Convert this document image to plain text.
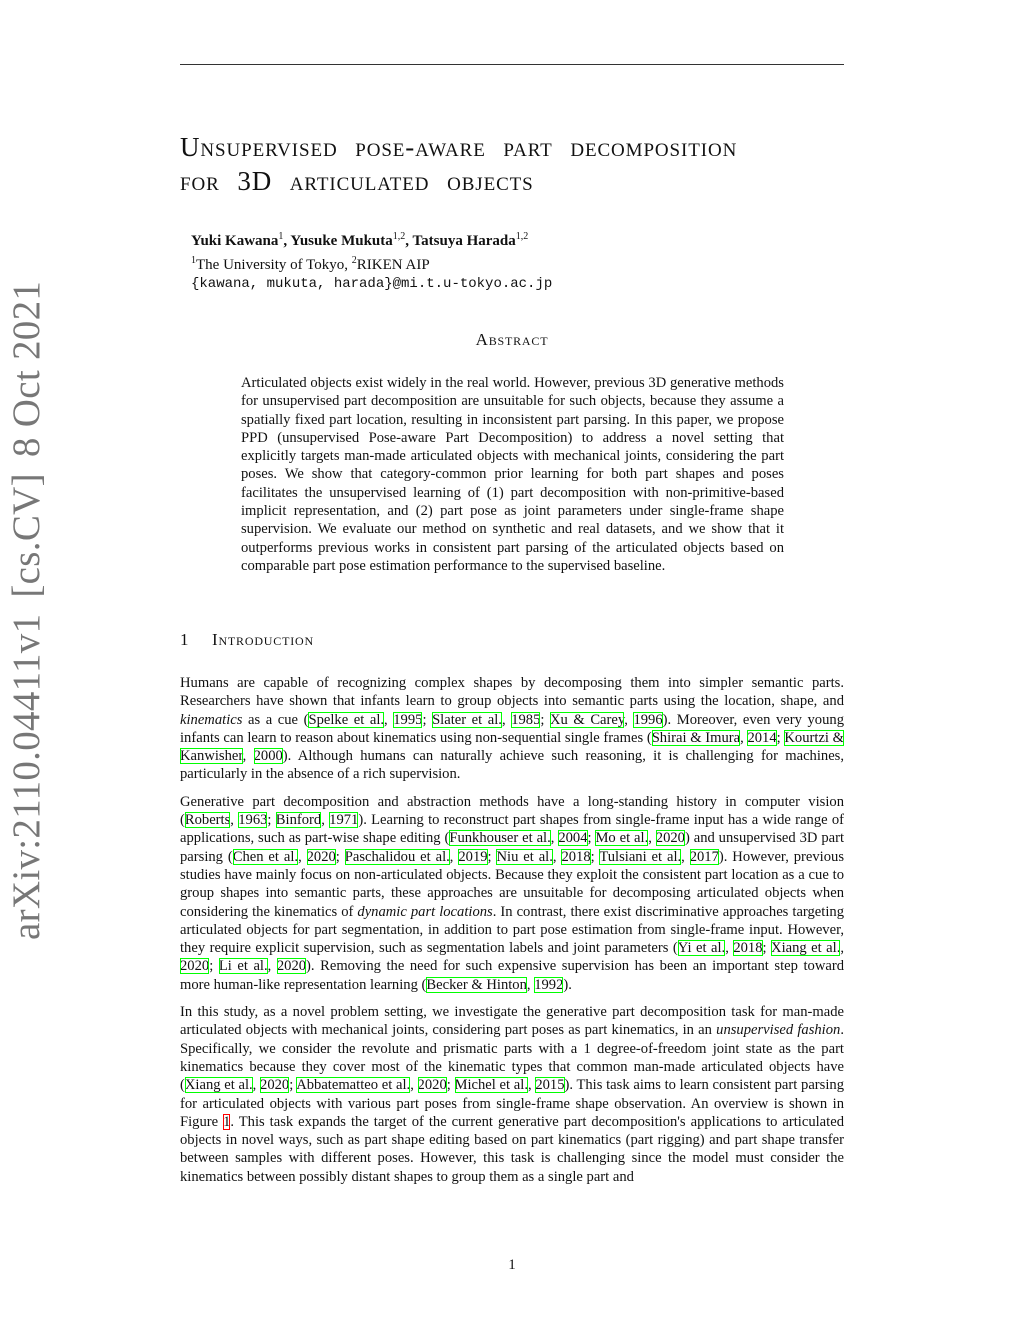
arXiv:2110.04411v1[cs.CV]8 Oct 2021
Unsupervised pose-aware part decomposition
for 3D articulated objects
Yuki Kawana$^1$, Yusuke Mukuta$^{1,2}$, Tatsuya Harada$^{1,2}$
$^1$The University of Tokyo, $^2$RIKEN AIP
{kawana, mukuta, harada}@mi.t.u-tokyo.ac.jp
Abstract
Articulated objects exist widely in the real world. However, previous 3D generative methods for unsupervised part decomposition are unsuitable for such objects, because they assume a spatially fixed part location, resulting in inconsistent part parsing. In this paper, we propose PPD (unsupervised Pose-aware Part Decomposition) to address a novel setting that explicitly targets man-made articulated objects with mechanical joints, considering the part poses. We show that category-common prior learning for both part shapes and poses facilitates the unsupervised learning of (1) part decomposition with non-primitive-based implicit representation, and (2) part pose as joint parameters under single-frame shape supervision. We evaluate our method on synthetic and real datasets, and we show that it outperforms previous works in consistent part parsing of the articulated objects based on comparable part pose estimation performance to the supervised baseline.
1 Introduction

Humans are capable of recognizing complex shapes by decomposing them into simpler semantic parts. Researchers have shown that infants learn to group objects into semantic parts using the location, shape, and kinematics as a cue (Spelke et al., 1995; Slater et al., 1985; Xu & Carey, 1996). Moreover, even very young infants can learn to reason about kinematics using non-sequential single frames (Shirai & Imura, 2014; Kourtzi & Kanwisher, 2000). Although humans can naturally achieve such reasoning, it is challenging for machines, particularly in the absence of a rich supervision.

Generative part decomposition and abstraction methods have a long-standing history in computer vision (Roberts, 1963; Binford, 1971). Learning to reconstruct part shapes from single-frame input has a wide range of applications, such as part-wise shape editing (Funkhouser et al., 2004; Mo et al., 2020) and unsupervised 3D part parsing (Chen et al., 2020; Paschalidou et al., 2019; Niu et al., 2018; Tulsiani et al., 2017). However, previous studies have mainly focus on non-articulated objects. Because they exploit the consistent part location as a cue to group shapes into semantic parts, these approaches are unsuitable for decomposing articulated objects when considering the kinematics of dynamic part locations. In contrast, there exist discriminative approaches targeting articulated objects for part segmentation, in addition to part pose estimation from single-frame input. However, they require explicit supervision, such as segmentation labels and joint parameters (Yi et al., 2018; Xiang et al., 2020; Li et al., 2020). Removing the need for such expensive supervision has been an important step toward more human-like representation learning (Becker & Hinton, 1992).

In this study, as a novel problem setting, we investigate the generative part decomposition task for man-made articulated objects with mechanical joints, considering part poses as part kinematics, in an unsupervised fashion. Specifically, we consider the revolute and prismatic parts with a 1 degree-of-freedom joint state as the part kinematics because they cover most of the kinematic types that common man-made articulated objects have (Xiang et al., 2020; Abbatematteo et al., 2020; Michel et al., 2015). This task aims to learn consistent part parsing for articulated objects with various part poses from single-frame shape observation. An overview is shown in Figure 1. This task expands the target of the current generative part decomposition's applications to articulated objects in novel ways, such as part shape editing based on part kinematics (part rigging) and part shape transfer between samples with different poses. However, this task is challenging since the model must consider the kinematics between possibly distant shapes to group them as a single part and

1
